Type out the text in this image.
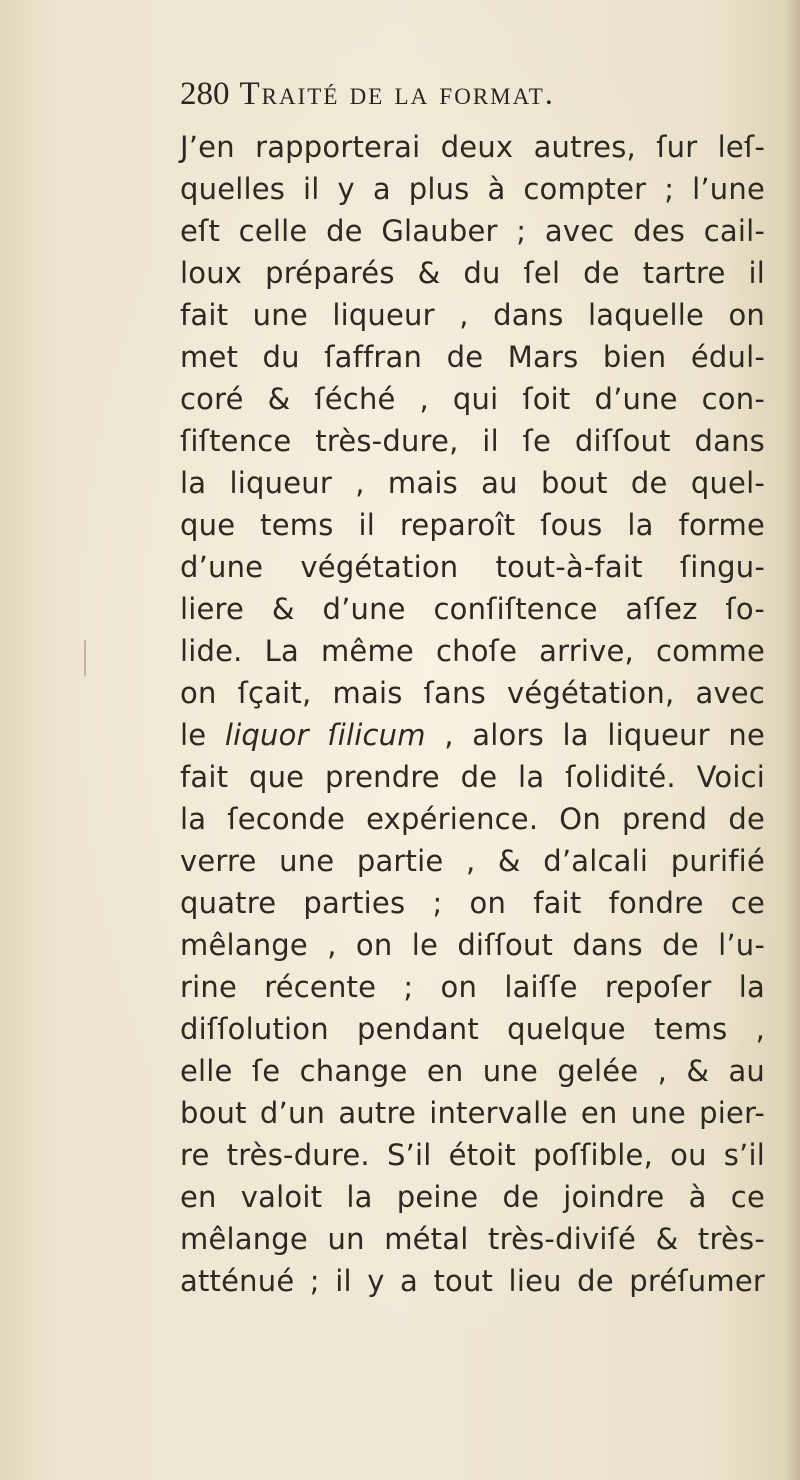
280 Traité de la format.
J’en rapporterai deux autres, ſur leſ-
quelles il y a plus à compter ; l’une
eſt celle de Glauber ; avec des cail-
loux préparés & du ſel de tartre il
fait une liqueur , dans laquelle on
met du ſaffran de Mars bien édul-
coré & ſéché , qui ſoit d’une con-
ſiſtence très-dure, il ſe diſſout dans
la liqueur , mais au bout de quel-
que tems il reparoît ſous la forme
d’une végétation tout-à-fait ſingu-
liere & d’une conſiſtence aſſez ſo-
lide. La même choſe arrive, comme
on ſçait, mais ſans végétation, avec
le liquor ſilicum , alors la liqueur ne
fait que prendre de la ſolidité. Voici
la ſeconde expérience. On prend de
verre une partie , & d’alcali purifié
quatre parties ; on fait fondre ce
mêlange , on le diſſout dans de l’u-
rine récente ; on laiſſe repoſer la
diſſolution pendant quelque tems ,
elle ſe change en une gelée , & au
bout d’un autre intervalle en une pier-
re très-dure. S’il étoit poſſible, ou s’il
en valoit la peine de joindre à ce
mêlange un métal très-diviſé & très-
atténué ; il y a tout lieu de préſumer
